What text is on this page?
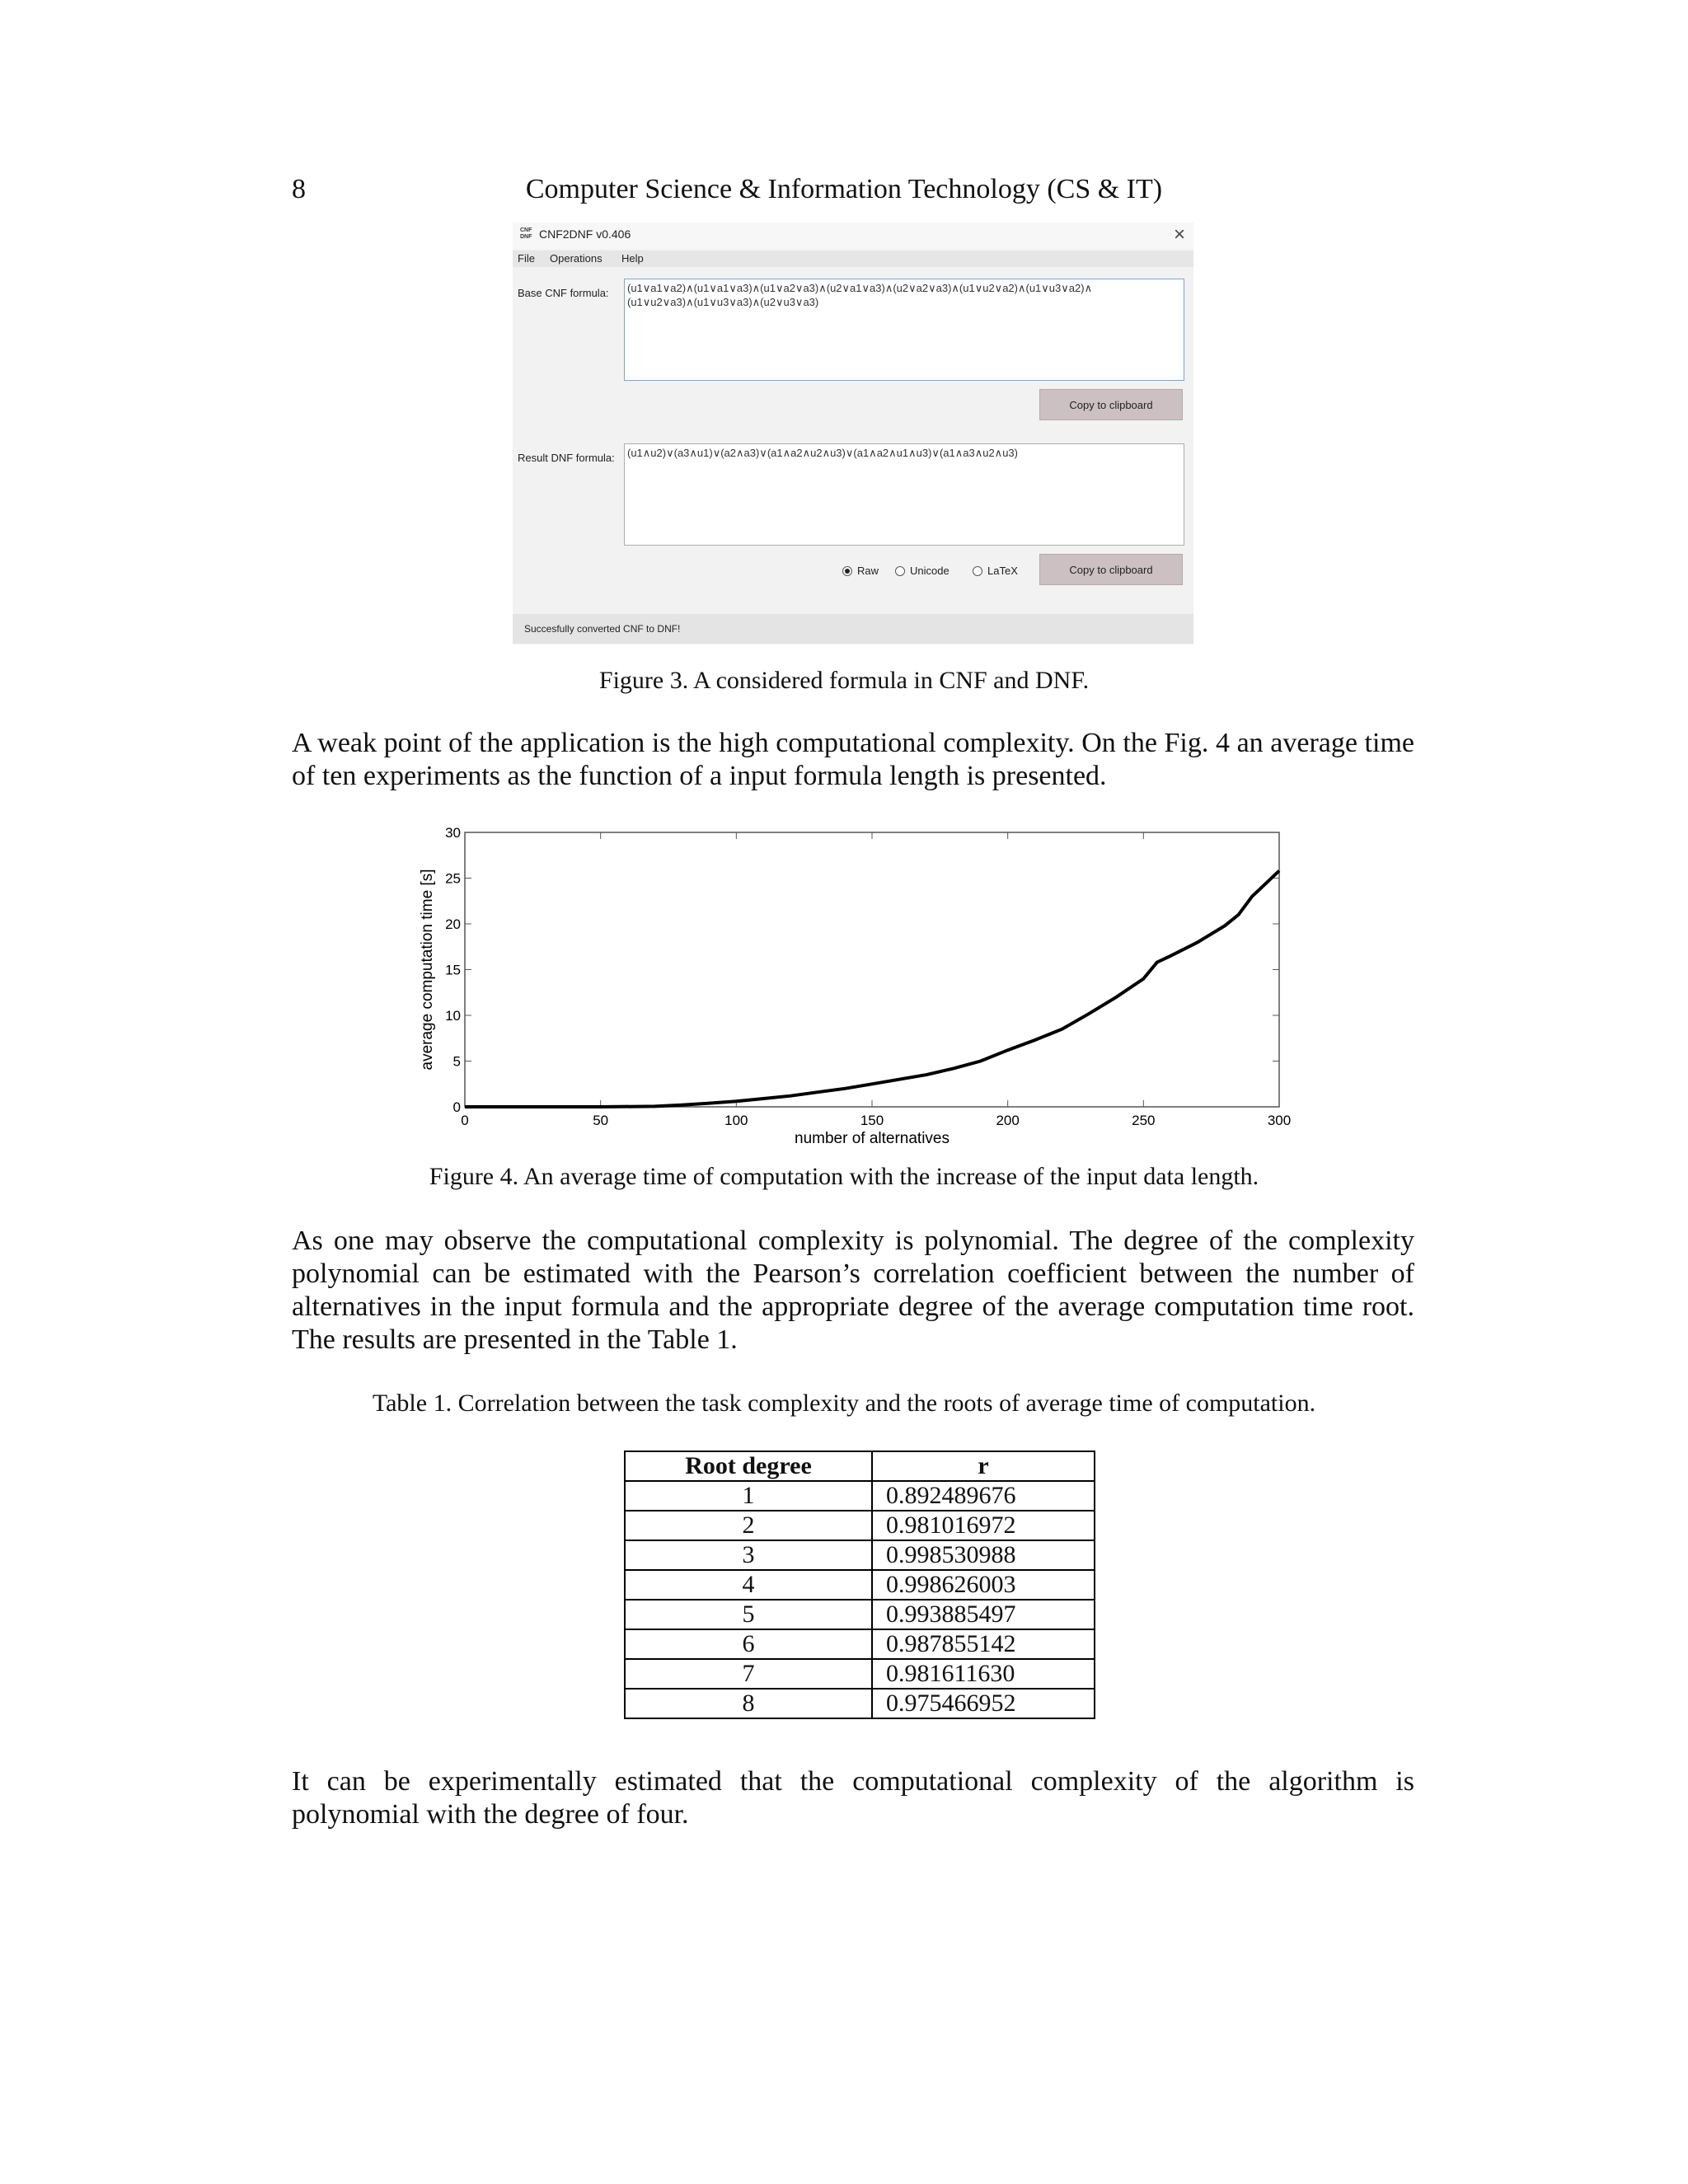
8	Computer Science & Information Technology (CS & IT)
CNF DNF CNF2DNF v0.406	×
File Operations Help
Base CNF formula: (u1∨a1∨a2)∧(u1∨a1∨a3)∧(u1∨a2∨a3)∧(u2∨a1∨a3)∧(u2∨a2∨a3)∧(u1∨u2∨a2)∧(u1∨u3∨a2)∧
(u1∨u2∨a3)∧(u1∨u3∨a3)∧(u2∨u3∨a3)
Copy to clipboard
Result DNF formula: (u1∧u2)∨(a3∧u1)∨(a2∧a3)∨(a1∧a2∧u2∧u3)∨(a1∧a2∧u1∧u3)∨(a1∧a3∧u2∧u3)
Raw	Unicode	LaTeX	Copy to clipboard
Succesfully converted CNF to DNF!
Figure 3. A considered formula in CNF and DNF.
A weak point of the application is the high computational complexity. On the Fig. 4 an average time of ten experiments as the function of a input formula length is presented.
0	50	100	150	200	250	300
0
5
10
15
20
25
30
number of alternatives
average computation time [s]
Figure 4. An average time of computation with the increase of the input data length.
As one may observe the computational complexity is polynomial. The degree of the complexity polynomial can be estimated with the Pearson’s correlation coefficient between the number of alternatives in the input formula and the appropriate degree of the average computation time root. The results are presented in the Table 1.
Table 1. Correlation between the task complexity and the roots of average time of computation.
Root degree	r
1	0.892489676
2	0.981016972
3	0.998530988
4	0.998626003
5	0.993885497
6	0.987855142
7	0.981611630
8	0.975466952
It can be experimentally estimated that the computational complexity of the algorithm is polynomial with the degree of four.
